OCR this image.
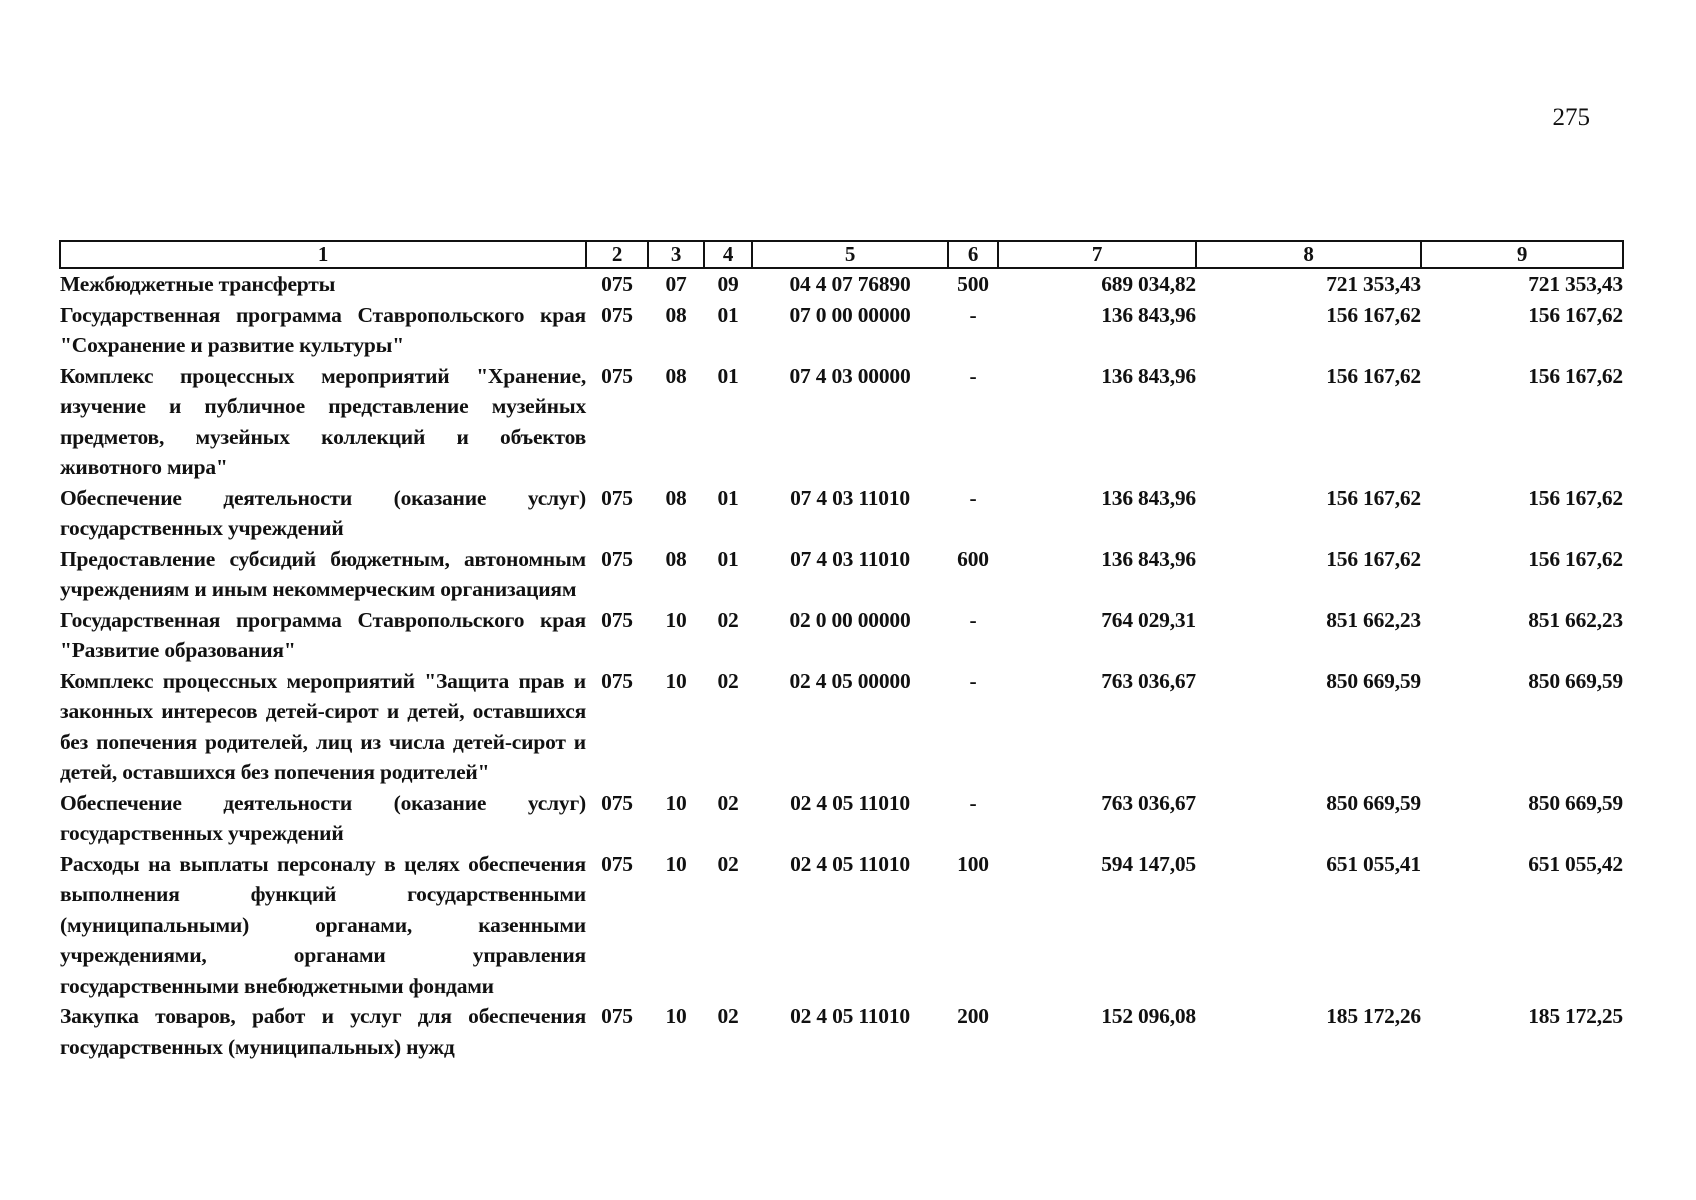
275
1	2	3	4	5	6	7	8	9
Межбюджетные трансферты	075	07	09	04 4 07 76890	500	689 034,82	721 353,43	721 353,43
Государственная программа Ставропольского края "Сохранение и развитие культуры"	075	08	01	07 0 00 00000	-	136 843,96	156 167,62	156 167,62
Комплекс процессных мероприятий "Хранение, изучение и публичное представление музейных предметов, музейных коллекций и объектов животного мира"	075	08	01	07 4 03 00000	-	136 843,96	156 167,62	156 167,62
Обеспечение деятельности (оказание услуг) государственных учреждений	075	08	01	07 4 03 11010	-	136 843,96	156 167,62	156 167,62
Предоставление субсидий бюджетным, автономным учреждениям и иным некоммерческим организациям	075	08	01	07 4 03 11010	600	136 843,96	156 167,62	156 167,62
Государственная программа Ставропольского края "Развитие образования"	075	10	02	02 0 00 00000	-	764 029,31	851 662,23	851 662,23
Комплекс процессных мероприятий "Защита прав и законных интересов детей-сирот и детей, оставшихся без попечения родителей, лиц из числа детей-сирот и детей, оставшихся без попечения родителей"	075	10	02	02 4 05 00000	-	763 036,67	850 669,59	850 669,59
Обеспечение деятельности (оказание услуг) государственных учреждений	075	10	02	02 4 05 11010	-	763 036,67	850 669,59	850 669,59
Расходы на выплаты персоналу в целях обеспечения выполнения функций государственными (муниципальными) органами, казенными учреждениями, органами управления государственными внебюджетными фондами	075	10	02	02 4 05 11010	100	594 147,05	651 055,41	651 055,42
Закупка товаров, работ и услуг для обеспечения государственных (муниципальных) нужд	075	10	02	02 4 05 11010	200	152 096,08	185 172,26	185 172,25
